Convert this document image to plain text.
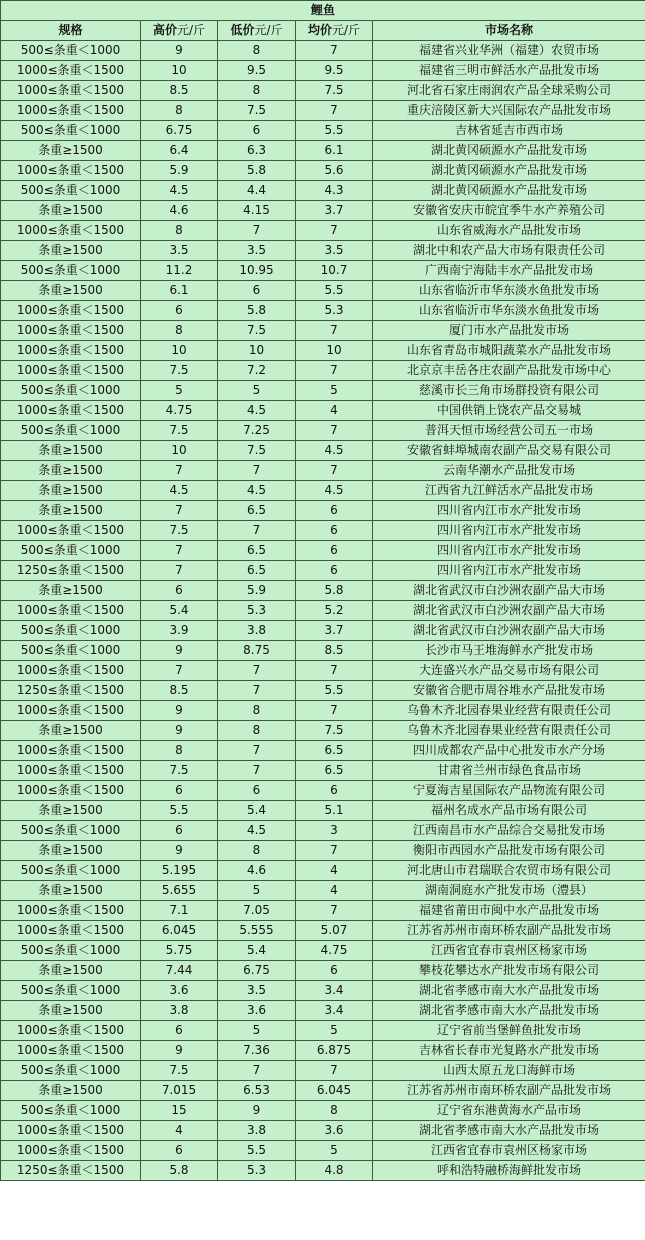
鲤鱼				
规格	高价元/斤	低价元/斤	均价元/斤	市场名称
500≤条重＜1000	9	8	7	福建省兴业华洲（福建）农贸市场
1000≤条重＜1500	10	9.5	9.5	福建省三明市鲜活水产品批发市场
1000≤条重＜1500	8.5	8	7.5	河北省石家庄雨润农产品全球采购公司
1000≤条重＜1500	8	7.5	7	重庆涪陵区新大兴国际农产品批发市场
500≤条重＜1000	6.75	6	5.5	吉林省延吉市西市场
条重≥1500	6.4	6.3	6.1	湖北黄冈硕源水产品批发市场
1000≤条重＜1500	5.9	5.8	5.6	湖北黄冈硕源水产品批发市场
500≤条重＜1000	4.5	4.4	4.3	湖北黄冈硕源水产品批发市场
条重≥1500	4.6	4.15	3.7	安徽省安庆市皖宜季牛水产养殖公司
1000≤条重＜1500	8	7	7	山东省威海水产品批发市场
条重≥1500	3.5	3.5	3.5	湖北中和农产品大市场有限责任公司
500≤条重＜1000	11.2	10.95	10.7	广西南宁海陆丰水产品批发市场
条重≥1500	6.1	6	5.5	山东省临沂市华东淡水鱼批发市场
1000≤条重＜1500	6	5.8	5.3	山东省临沂市华东淡水鱼批发市场
1000≤条重＜1500	8	7.5	7	厦门市水产品批发市场
1000≤条重＜1500	10	10	10	山东省青岛市城阳蔬菜水产品批发市场
1000≤条重＜1500	7.5	7.2	7	北京京丰岳各庄农副产品批发市场中心
500≤条重＜1000	5	5	5	慈溪市长三角市场群投资有限公司
1000≤条重＜1500	4.75	4.5	4	中国供销上饶农产品交易城
500≤条重＜1000	7.5	7.25	7	普洱天恒市场经营公司五一市场
条重≥1500	10	7.5	4.5	安徽省蚌埠城南农副产品交易有限公司
条重≥1500	7	7	7	云南华潮水产品批发市场
条重≥1500	4.5	4.5	4.5	江西省九江鲜活水产品批发市场
条重≥1500	7	6.5	6	四川省内江市水产批发市场
1000≤条重＜1500	7.5	7	6	四川省内江市水产批发市场
500≤条重＜1000	7	6.5	6	四川省内江市水产批发市场
1250≤条重＜1500	7	6.5	6	四川省内江市水产批发市场
条重≥1500	6	5.9	5.8	湖北省武汉市白沙洲农副产品大市场
1000≤条重＜1500	5.4	5.3	5.2	湖北省武汉市白沙洲农副产品大市场
500≤条重＜1000	3.9	3.8	3.7	湖北省武汉市白沙洲农副产品大市场
500≤条重＜1000	9	8.75	8.5	长沙市马王堆海鲜水产批发市场
1000≤条重＜1500	7	7	7	大连盛兴水产品交易市场有限公司
1250≤条重＜1500	8.5	7	5.5	安徽省合肥市周谷堆水产品批发市场
1000≤条重＜1500	9	8	7	乌鲁木齐北园春果业经营有限责任公司
条重≥1500	9	8	7.5	乌鲁木齐北园春果业经营有限责任公司
1000≤条重＜1500	8	7	6.5	四川成都农产品中心批发市水产分场
1000≤条重＜1500	7.5	7	6.5	甘肃省兰州市绿色食品市场
1000≤条重＜1500	6	6	6	宁夏海吉星国际农产品物流有限公司
条重≥1500	5.5	5.4	5.1	福州名成水产品市场有限公司
500≤条重＜1000	6	4.5	3	江西南昌市水产品综合交易批发市场
条重≥1500	9	8	7	衡阳市西园水产品批发市场有限公司
500≤条重＜1000	5.195	4.6	4	河北唐山市君瑞联合农贸市场有限公司
条重≥1500	5.655	5	4	湖南洞庭水产批发市场（澧县）
1000≤条重＜1500	7.1	7.05	7	福建省莆田市闽中水产品批发市场
1000≤条重＜1500	6.045	5.555	5.07	江苏省苏州市南环桥农副产品批发市场
500≤条重＜1000	5.75	5.4	4.75	江西省宜春市袁州区杨家市场
条重≥1500	7.44	6.75	6	攀枝花攀达水产批发市场有限公司
500≤条重＜1000	3.6	3.5	3.4	湖北省孝感市南大水产品批发市场
条重≥1500	3.8	3.6	3.4	湖北省孝感市南大水产品批发市场
1000≤条重＜1500	6	5	5	辽宁省前当堡鲜鱼批发市场
1000≤条重＜1500	9	7.36	6.875	吉林省长春市光复路水产批发市场
500≤条重＜1000	7.5	7	7	山西太原五龙口海鲜市场
条重≥1500	7.015	6.53	6.045	江苏省苏州市南环桥农副产品批发市场
500≤条重＜1000	15	9	8	辽宁省东港黄海水产品市场
1000≤条重＜1500	4	3.8	3.6	湖北省孝感市南大水产品批发市场
1000≤条重＜1500	6	5.5	5	江西省宜春市袁州区杨家市场
1250≤条重＜1500	5.8	5.3	4.8	呼和浩特融桥海鲜批发市场
